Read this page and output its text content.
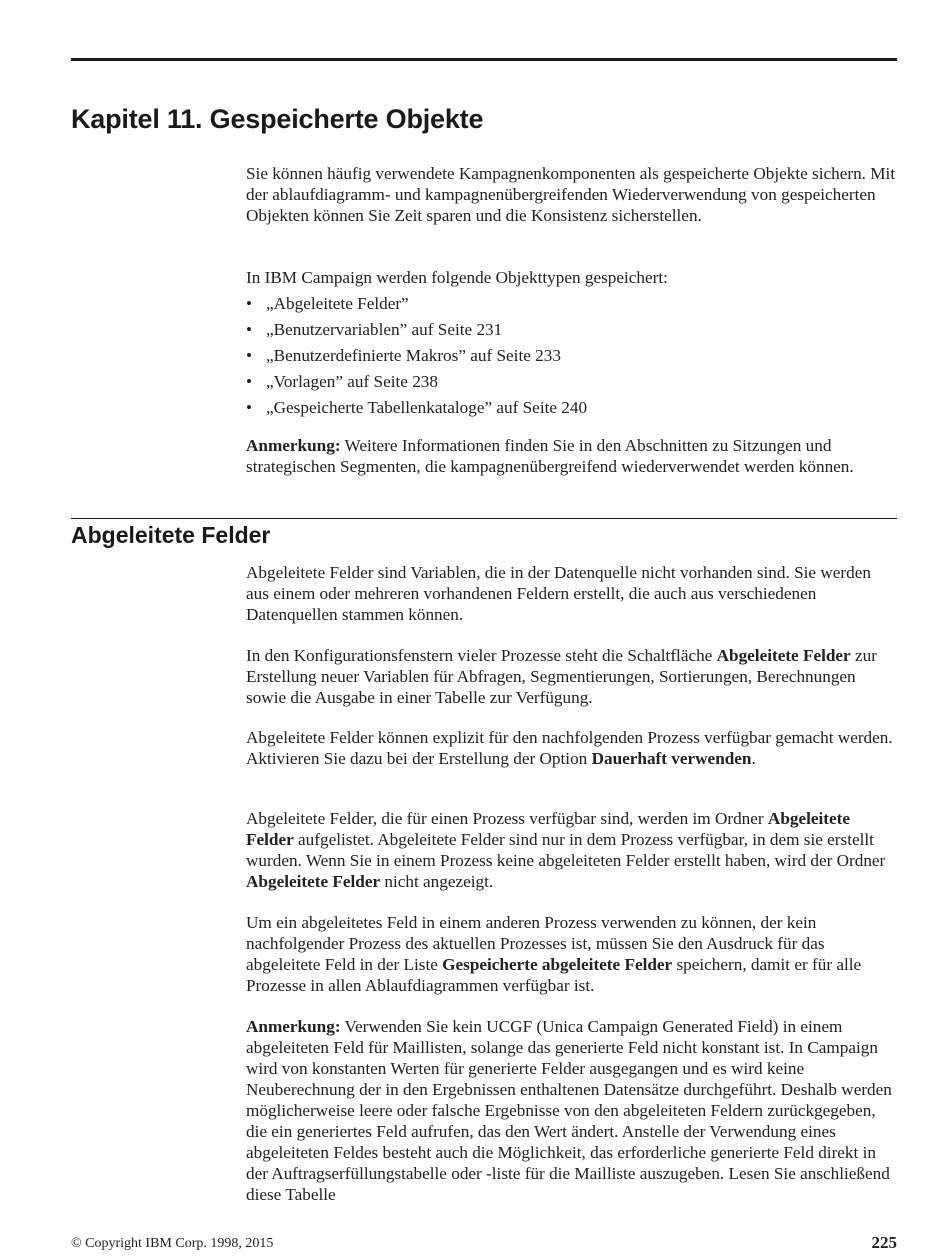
Kapitel 11. Gespeicherte Objekte

Sie können häufig verwendete Kampagnenkomponenten als gespeicherte Objekte sichern. Mit der ablaufdiagramm- und kampagnenübergreifenden Wiederverwendung von gespeicherten Objekten können Sie Zeit sparen und die Konsistenz sicherstellen.

In IBM Campaign werden folgende Objekttypen gespeichert:

• „Abgeleitete Felder”
• „Benutzervariablen” auf Seite 231
• „Benutzerdefinierte Makros” auf Seite 233
• „Vorlagen” auf Seite 238
• „Gespeicherte Tabellenkataloge” auf Seite 240

Anmerkung: Weitere Informationen finden Sie in den Abschnitten zu Sitzungen und strategischen Segmenten, die kampagnenübergreifend wiederverwendet werden können.

Abgeleitete Felder

Abgeleitete Felder sind Variablen, die in der Datenquelle nicht vorhanden sind. Sie werden aus einem oder mehreren vorhandenen Feldern erstellt, die auch aus verschiedenen Datenquellen stammen können.

In den Konfigurationsfenstern vieler Prozesse steht die Schaltfläche Abgeleitete Felder zur Erstellung neuer Variablen für Abfragen, Segmentierungen, Sortierungen, Berechnungen sowie die Ausgabe in einer Tabelle zur Verfügung.

Abgeleitete Felder können explizit für den nachfolgenden Prozess verfügbar gemacht werden. Aktivieren Sie dazu bei der Erstellung der Option Dauerhaft verwenden.

Abgeleitete Felder, die für einen Prozess verfügbar sind, werden im Ordner Abgeleitete Felder aufgelistet. Abgeleitete Felder sind nur in dem Prozess verfügbar, in dem sie erstellt wurden. Wenn Sie in einem Prozess keine abgeleiteten Felder erstellt haben, wird der Ordner Abgeleitete Felder nicht angezeigt.

Um ein abgeleitetes Feld in einem anderen Prozess verwenden zu können, der kein nachfolgender Prozess des aktuellen Prozesses ist, müssen Sie den Ausdruck für das abgeleitete Feld in der Liste Gespeicherte abgeleitete Felder speichern, damit er für alle Prozesse in allen Ablaufdiagrammen verfügbar ist.

Anmerkung: Verwenden Sie kein UCGF (Unica Campaign Generated Field) in einem abgeleiteten Feld für Maillisten, solange das generierte Feld nicht konstant ist. In Campaign wird von konstanten Werten für generierte Felder ausgegangen und es wird keine Neuberechnung der in den Ergebnissen enthaltenen Datensätze durchgeführt. Deshalb werden möglicherweise leere oder falsche Ergebnisse von den abgeleiteten Feldern zurückgegeben, die ein generiertes Feld aufrufen, das den Wert ändert. Anstelle der Verwendung eines abgeleiteten Feldes besteht auch die Möglichkeit, das erforderliche generierte Feld direkt in der Auftragserfüllungstabelle oder -liste für die Mailliste auszugeben. Lesen Sie anschließend diese Tabelle

© Copyright IBM Corp. 1998, 2015	225
